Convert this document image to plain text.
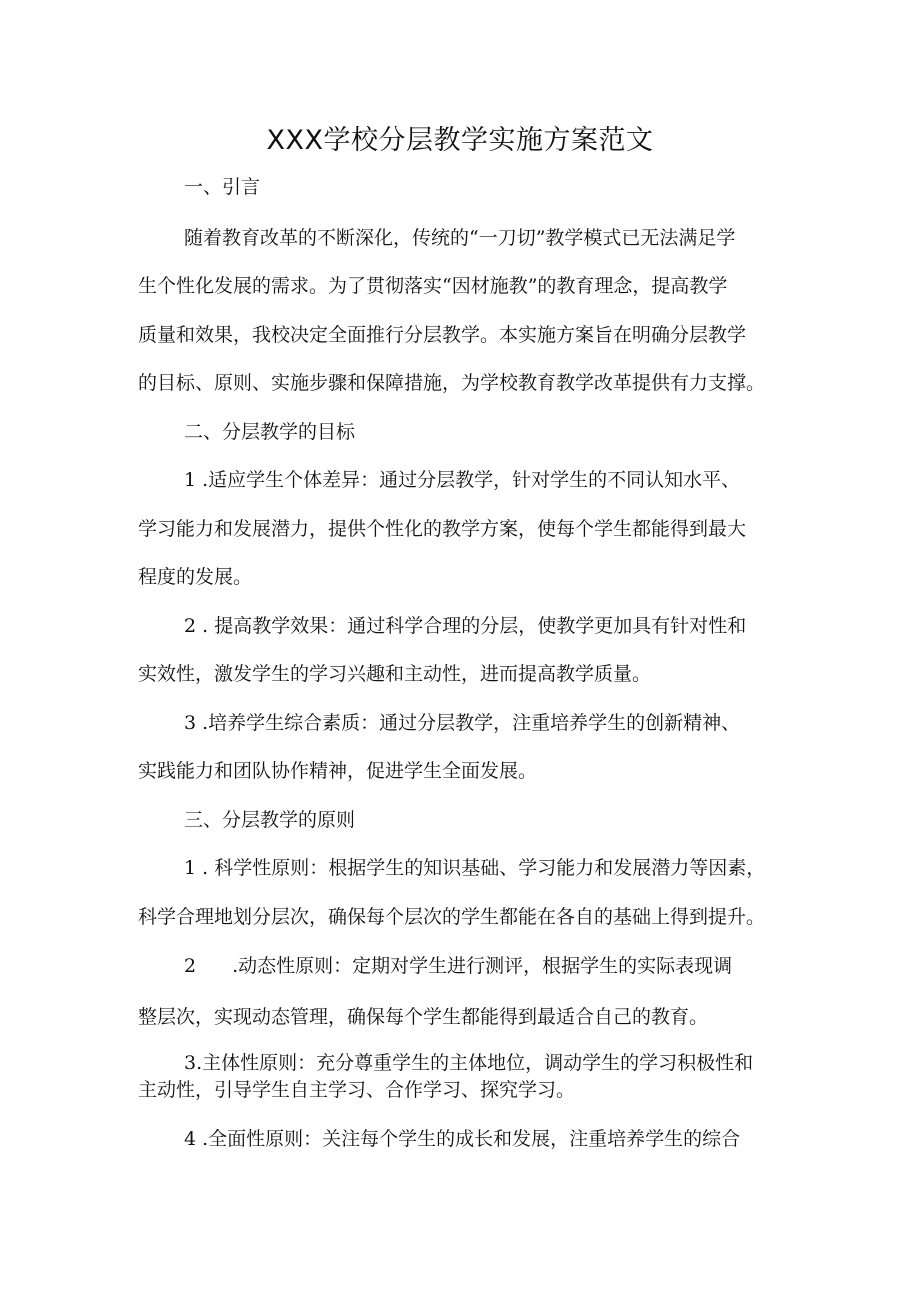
XXX学校分层教学实施方案范文
一、引言
随着教育改革的不断深化，传统的“一刀切”教学模式已无法满足学
生个性化发展的需求。为了贯彻落实“因材施教”的教育理念，提高教学
质量和效果，我校决定全面推行分层教学。本实施方案旨在明确分层教学
的目标、原则、实施步骤和保障措施，为学校教育教学改革提供有力支撑。
二、分层教学的目标
1 .适应学生个体差异：通过分层教学，针对学生的不同认知水平、
学习能力和发展潜力，提供个性化的教学方案，使每个学生都能得到最大
程度的发展。
2 . 提高教学效果：通过科学合理的分层，使教学更加具有针对性和
实效性，激发学生的学习兴趣和主动性，进而提高教学质量。
3 .培养学生综合素质：通过分层教学，注重培养学生的创新精神、
实践能力和团队协作精神，促进学生全面发展。
三、分层教学的原则
1 . 科学性原则：根据学生的知识基础、学习能力和发展潜力等因素，
科学合理地划分层次，确保每个层次的学生都能在各自的基础上得到提升。
2 .动态性原则：定期对学生进行测评，根据学生的实际表现调
整层次，实现动态管理，确保每个学生都能得到最适合自己的教育。
3.主体性原则：充分尊重学生的主体地位，调动学生的学习积极性和
主动性，引导学生自主学习、合作学习、探究学习。
4 .全面性原则：关注每个学生的成长和发展，注重培养学生的综合
